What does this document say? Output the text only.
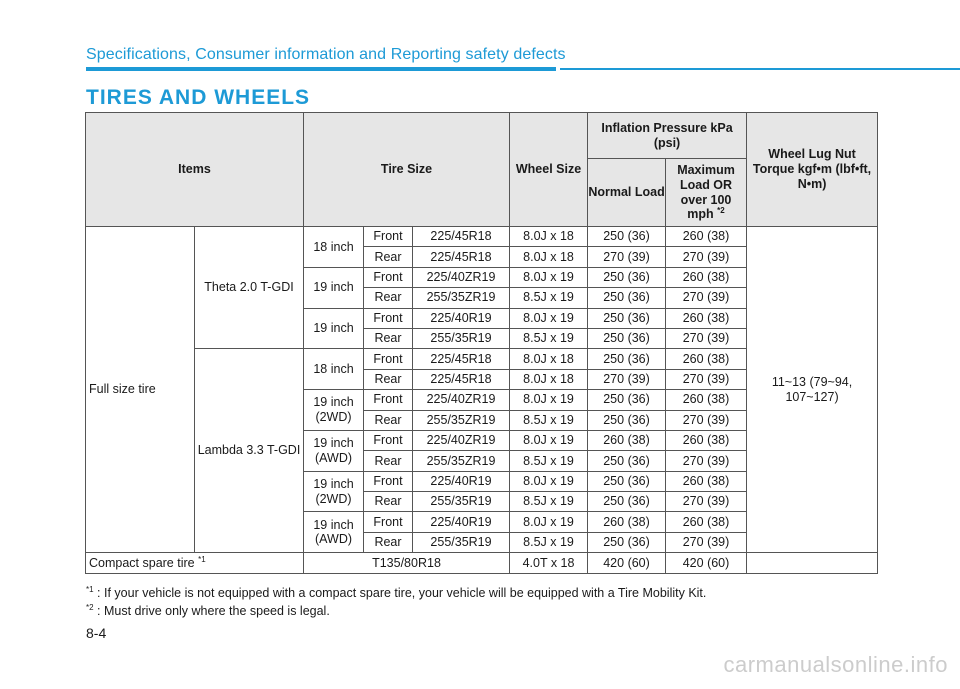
Specifications, Consumer information and Reporting safety defects
TIRES AND WHEELS
Items		Tire Size			Wheel Size	Inflation Pressure kPa (psi)		Wheel Lug Nut Torque kgf•m (lbf•ft, N•m)
						Normal Load	Maximum Load OR over 100 mph $^{*2}$
Full size tire	Theta 2.0 T-GDI	18 inch	Front	225/45R18	8.0J x 18	250 (36)	260 (38)	11~13 (79~94, 107~127)
			Rear	225/45R18	8.0J x 18	270 (39)	270 (39)	
		19 inch	Front	225/40ZR19	8.0J x 19	250 (36)	260 (38)	
			Rear	255/35ZR19	8.5J x 19	250 (36)	270 (39)	
		19 inch	Front	225/40R19	8.0J x 19	250 (36)	260 (38)	
			Rear	255/35R19	8.5J x 19	250 (36)	270 (39)	
	Lambda 3.3 T-GDI	18 inch	Front	225/45R18	8.0J x 18	250 (36)	260 (38)	
			Rear	225/45R18	8.0J x 18	270 (39)	270 (39)	
		19 inch (2WD)	Front	225/40ZR19	8.0J x 19	250 (36)	260 (38)	
			Rear	255/35ZR19	8.5J x 19	250 (36)	270 (39)	
		19 inch (AWD)	Front	225/40ZR19	8.0J x 19	260 (38)	260 (38)	
			Rear	255/35ZR19	8.5J x 19	250 (36)	270 (39)	
		19 inch (2WD)	Front	225/40R19	8.0J x 19	250 (36)	260 (38)	
			Rear	255/35R19	8.5J x 19	250 (36)	270 (39)	
		19 inch (AWD)	Front	225/40R19	8.0J x 19	260 (38)	260 (38)	
			Rear	255/35R19	8.5J x 19	250 (36)	270 (39)	
Compact spare tire $^{*1}$		T135/80R18			4.0T x 18	420 (60)	420 (60)	
$^{*1}$ : If your vehicle is not equipped with a compact spare tire, your vehicle will be equipped with a Tire Mobility Kit.
$^{*2}$ : Must drive only where the speed is legal.
8-4
carmanualsonline.info
